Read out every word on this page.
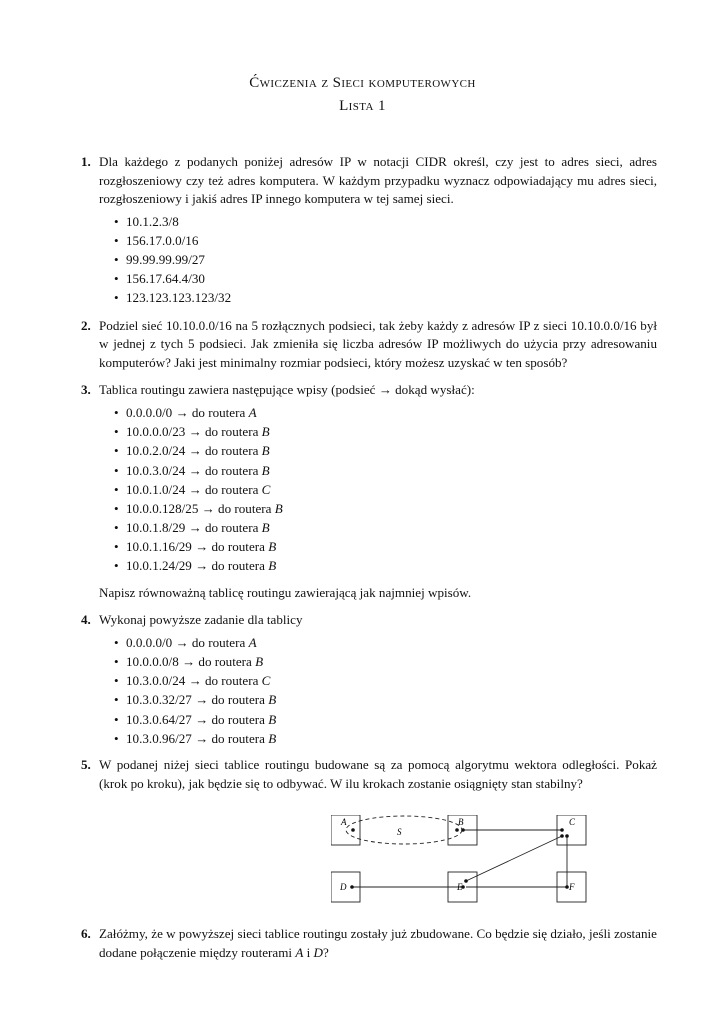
Ćwiczenia z Sieci komputerowych
Lista 1
1. Dla każdego z podanych poniżej adresów IP w notacji CIDR określ, czy jest to adres sieci, adres rozgłoszeniowy czy też adres komputera. W każdym przypadku wyznacz odpowiadający mu adres sieci, rozgłoszeniowy i jakiś adres IP innego komputera w tej samej sieci.
• 10.1.2.3/8
• 156.17.0.0/16
• 99.99.99.99/27
• 156.17.64.4/30
• 123.123.123.123/32
2. Podziel sieć 10.10.0.0/16 na 5 rozłącznych podsieci, tak żeby każdy z adresów IP z sieci 10.10.0.0/16 był w jednej z tych 5 podsieci. Jak zmieniła się liczba adresów IP możliwych do użycia przy adresowaniu komputerów? Jaki jest minimalny rozmiar podsieci, który możesz uzyskać w ten sposób?
3. Tablica routingu zawiera następujące wpisy (podsieć → dokąd wysłać):
• 0.0.0.0/0 → do routera A
• 10.0.0.0/23 → do routera B
• 10.0.2.0/24 → do routera B
• 10.0.3.0/24 → do routera B
• 10.0.1.0/24 → do routera C
• 10.0.0.128/25 → do routera B
• 10.0.1.8/29 → do routera B
• 10.0.1.16/29 → do routera B
• 10.0.1.24/29 → do routera B
Napisz równoważną tablicę routingu zawierającą jak najmniej wpisów.
4. Wykonaj powyższe zadanie dla tablicy
• 0.0.0.0/0 → do routera A
• 10.0.0.0/8 → do routera B
• 10.3.0.0/24 → do routera C
• 10.3.0.32/27 → do routera B
• 10.3.0.64/27 → do routera B
• 10.3.0.96/27 → do routera B
5. W podanej niżej sieci tablice routingu budowane są za pomocą algorytmu wektora odległości. Pokaż (krok po kroku), jak będzie się to odbywać. W ilu krokach zostanie osiągnięty stan stabilny?
A	B	C
D	E	F
S
6. Załóżmy, że w powyższej sieci tablice routingu zostały już zbudowane. Co będzie się działo, jeśli zostanie dodane połączenie między routerami A i D?
